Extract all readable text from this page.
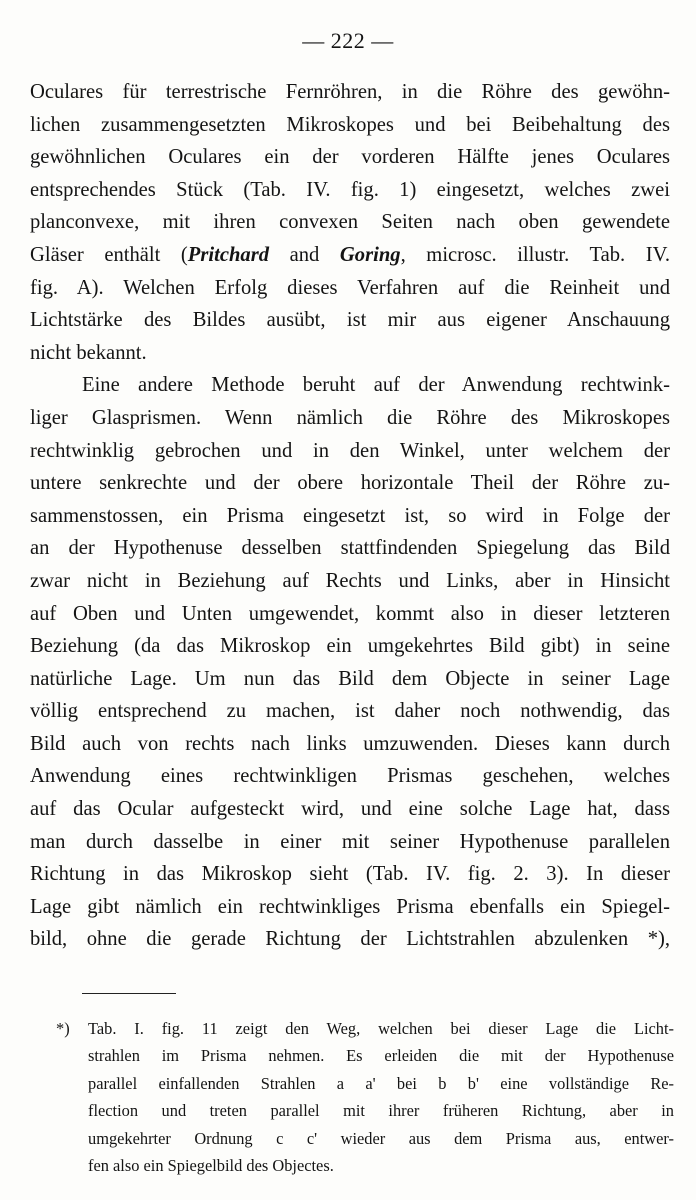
— 222 —

Oculares für terrestrische Fernröhren, in die Röhre des gewöhn-
lichen zusammengesetzten Mikroskopes und bei Beibehaltung des
gewöhnlichen Oculares ein der vorderen Hälfte jenes Oculares
entsprechendes Stück (Tab. IV. fig. 1) eingesetzt, welches zwei
planconvexe, mit ihren convexen Seiten nach oben gewendete
Gläser enthält (Pritchard and Goring, microsc. illustr. Tab. IV.
fig. A). Welchen Erfolg dieses Verfahren auf die Reinheit und
Lichtstärke des Bildes ausübt, ist mir aus eigener Anschauung
nicht bekannt.

Eine andere Methode beruht auf der Anwendung rechtwink-
liger Glasprismen. Wenn nämlich die Röhre des Mikroskopes
rechtwinklig gebrochen und in den Winkel, unter welchem der
untere senkrechte und der obere horizontale Theil der Röhre zu-
sammenstossen, ein Prisma eingesetzt ist, so wird in Folge der
an der Hypothenuse desselben stattfindenden Spiegelung das Bild
zwar nicht in Beziehung auf Rechts und Links, aber in Hinsicht
auf Oben und Unten umgewendet, kommt also in dieser letzteren
Beziehung (da das Mikroskop ein umgekehrtes Bild gibt) in seine
natürliche Lage. Um nun das Bild dem Objecte in seiner Lage
völlig entsprechend zu machen, ist daher noch nothwendig, das
Bild auch von rechts nach links umzuwenden. Dieses kann durch
Anwendung eines rechtwinkligen Prismas geschehen, welches
auf das Ocular aufgesteckt wird, und eine solche Lage hat, dass
man durch dasselbe in einer mit seiner Hypothenuse parallelen
Richtung in das Mikroskop sieht (Tab. IV. fig. 2. 3). In dieser
Lage gibt nämlich ein rechtwinkliges Prisma ebenfalls ein Spiegel-
bild, ohne die gerade Richtung der Lichtstrahlen abzulenken *),

*) Tab. I. fig. 11 zeigt den Weg, welchen bei dieser Lage die Licht-
strahlen im Prisma nehmen. Es erleiden die mit der Hypothenuse
parallel einfallenden Strahlen a a' bei b b' eine vollständige Re-
flection und treten parallel mit ihrer früheren Richtung, aber in
umgekehrter Ordnung c c' wieder aus dem Prisma aus, entwer-
fen also ein Spiegelbild des Objectes.
